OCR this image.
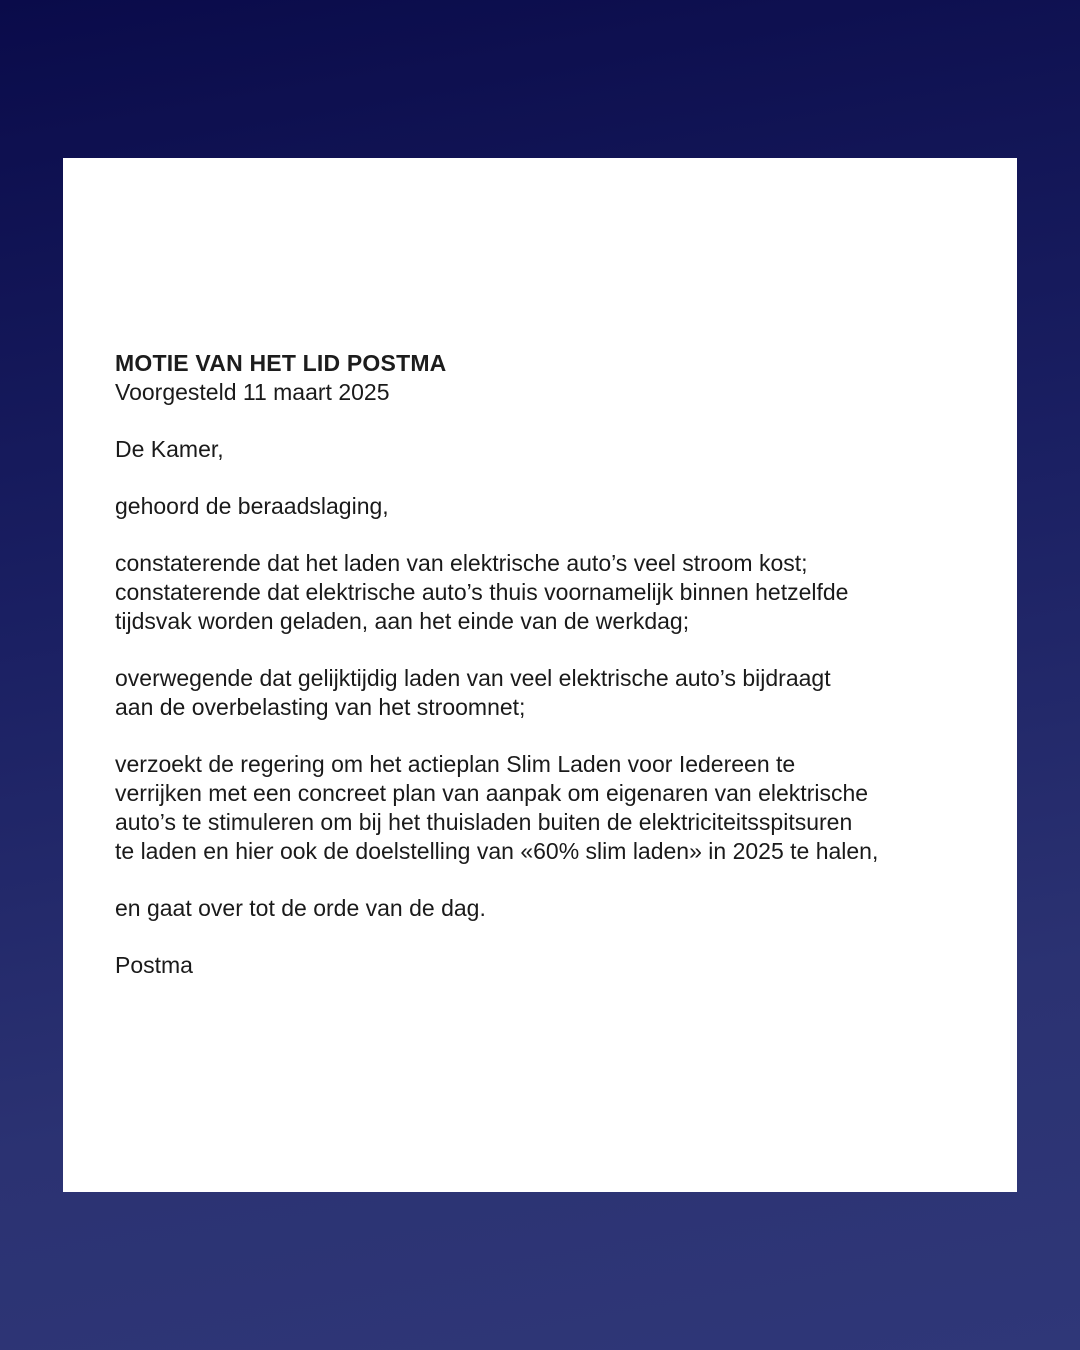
MOTIE VAN HET LID POSTMA
Voorgesteld 11 maart 2025

De Kamer,

gehoord de beraadslaging,

constaterende dat het laden van elektrische auto’s veel stroom kost;
constaterende dat elektrische auto’s thuis voornamelijk binnen hetzelfde
tijdsvak worden geladen, aan het einde van de werkdag;

overwegende dat gelijktijdig laden van veel elektrische auto’s bijdraagt
aan de overbelasting van het stroomnet;

verzoekt de regering om het actieplan Slim Laden voor Iedereen te
verrijken met een concreet plan van aanpak om eigenaren van elektrische
auto’s te stimuleren om bij het thuisladen buiten de elektriciteitsspitsuren
te laden en hier ook de doelstelling van «60% slim laden» in 2025 te halen,

en gaat over tot de orde van de dag.

Postma
